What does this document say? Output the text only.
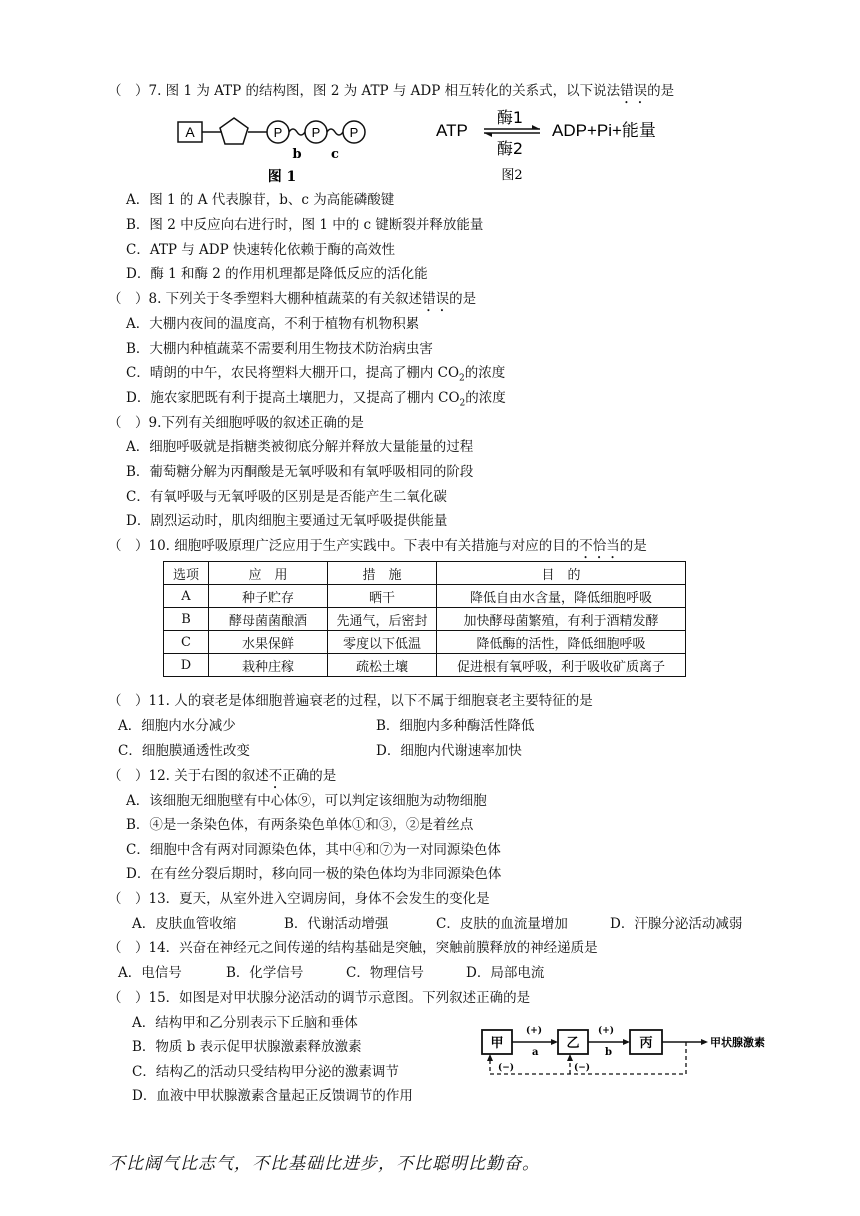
（　）7. 图 1 为 ATP 的结构图，图 2 为 ATP 与 ADP 相互转化的关系式，以下说法错误的是
A	P P P
b c
图 1
ATP
酶1
酶2
ADP+Pi+能量
图2
A．图 1 的 A 代表腺苷，b、c 为高能磷酸键
B．图 2 中反应向右进行时，图 1 中的 c 键断裂并释放能量
C．ATP 与 ADP 快速转化依赖于酶的高效性
D．酶 1 和酶 2 的作用机理都是降低反应的活化能
（　）8. 下列关于冬季塑料大棚种植蔬菜的有关叙述错误的是
A．大棚内夜间的温度高，不利于植物有机物积累
B．大棚内种植蔬菜不需要利用生物技术防治病虫害
C．晴朗的中午，农民将塑料大棚开口，提高了棚内 $CO_2$的浓度
D．施农家肥既有利于提高土壤肥力，又提高了棚内 $CO_2$的浓度
（　）9.下列有关细胞呼吸的叙述正确的是
A．细胞呼吸就是指糖类被彻底分解并释放大量能量的过程
B．葡萄糖分解为丙酮酸是无氧呼吸和有氧呼吸相同的阶段
C．有氧呼吸与无氧呼吸的区别是是否能产生二氧化碳
D．剧烈运动时，肌肉细胞主要通过无氧呼吸提供能量
（　）10. 细胞呼吸原理广泛应用于生产实践中。下表中有关措施与对应的目的不恰当的是
选项	应　用	措　施	目　的
A	种子贮存	晒干	降低自由水含量，降低细胞呼吸
B	酵母菌菌酿酒	先通气，后密封	加快酵母菌繁殖，有利于酒精发酵
C	水果保鲜	零度以下低温	降低酶的活性，降低细胞呼吸
D	栽种庄稼	疏松土壤	促进根有氧呼吸，利于吸收矿质离子
（　）11. 人的衰老是体细胞普遍衰老的过程，以下不属于细胞衰老主要特征的是
A．细胞内水分减少	B．细胞内多种酶活性降低
C．细胞膜通透性改变	D．细胞内代谢速率加快
（　）12. 关于右图的叙述不正确的是
A．该细胞无细胞壁有中心体⑨，可以判定该细胞为动物细胞
B．④是一条染色体，有两条染色单体①和③，②是着丝点
C．细胞中含有两对同源染色体，其中④和⑦为一对同源染色体
D．在有丝分裂后期时，移向同一极的染色体均为非同源染色体
（　）13．夏天，从室外进入空调房间，身体不会发生的变化是
A．皮肤血管收缩	B．代谢活动增强	C．皮肤的血流量增加	D．汗腺分泌活动减弱
（　）14．兴奋在神经元之间传递的结构基础是突触，突触前膜释放的神经递质是
A．电信号	B．化学信号	C．物理信号	D．局部电流
（　）15．如图是对甲状腺分泌活动的调节示意图。下列叙述正确的是
A．结构甲和乙分别表示下丘脑和垂体
B．物质 b 表示促甲状腺激素释放激素
C．结构乙的活动只受结构甲分泌的激素调节
D．血液中甲状腺激素含量起正反馈调节的作用
甲	乙	丙
(+)
a
(+)
b
甲状腺激素
(−)	(−)
不比阔气比志气，不比基础比进步，不比聪明比勤奋。
